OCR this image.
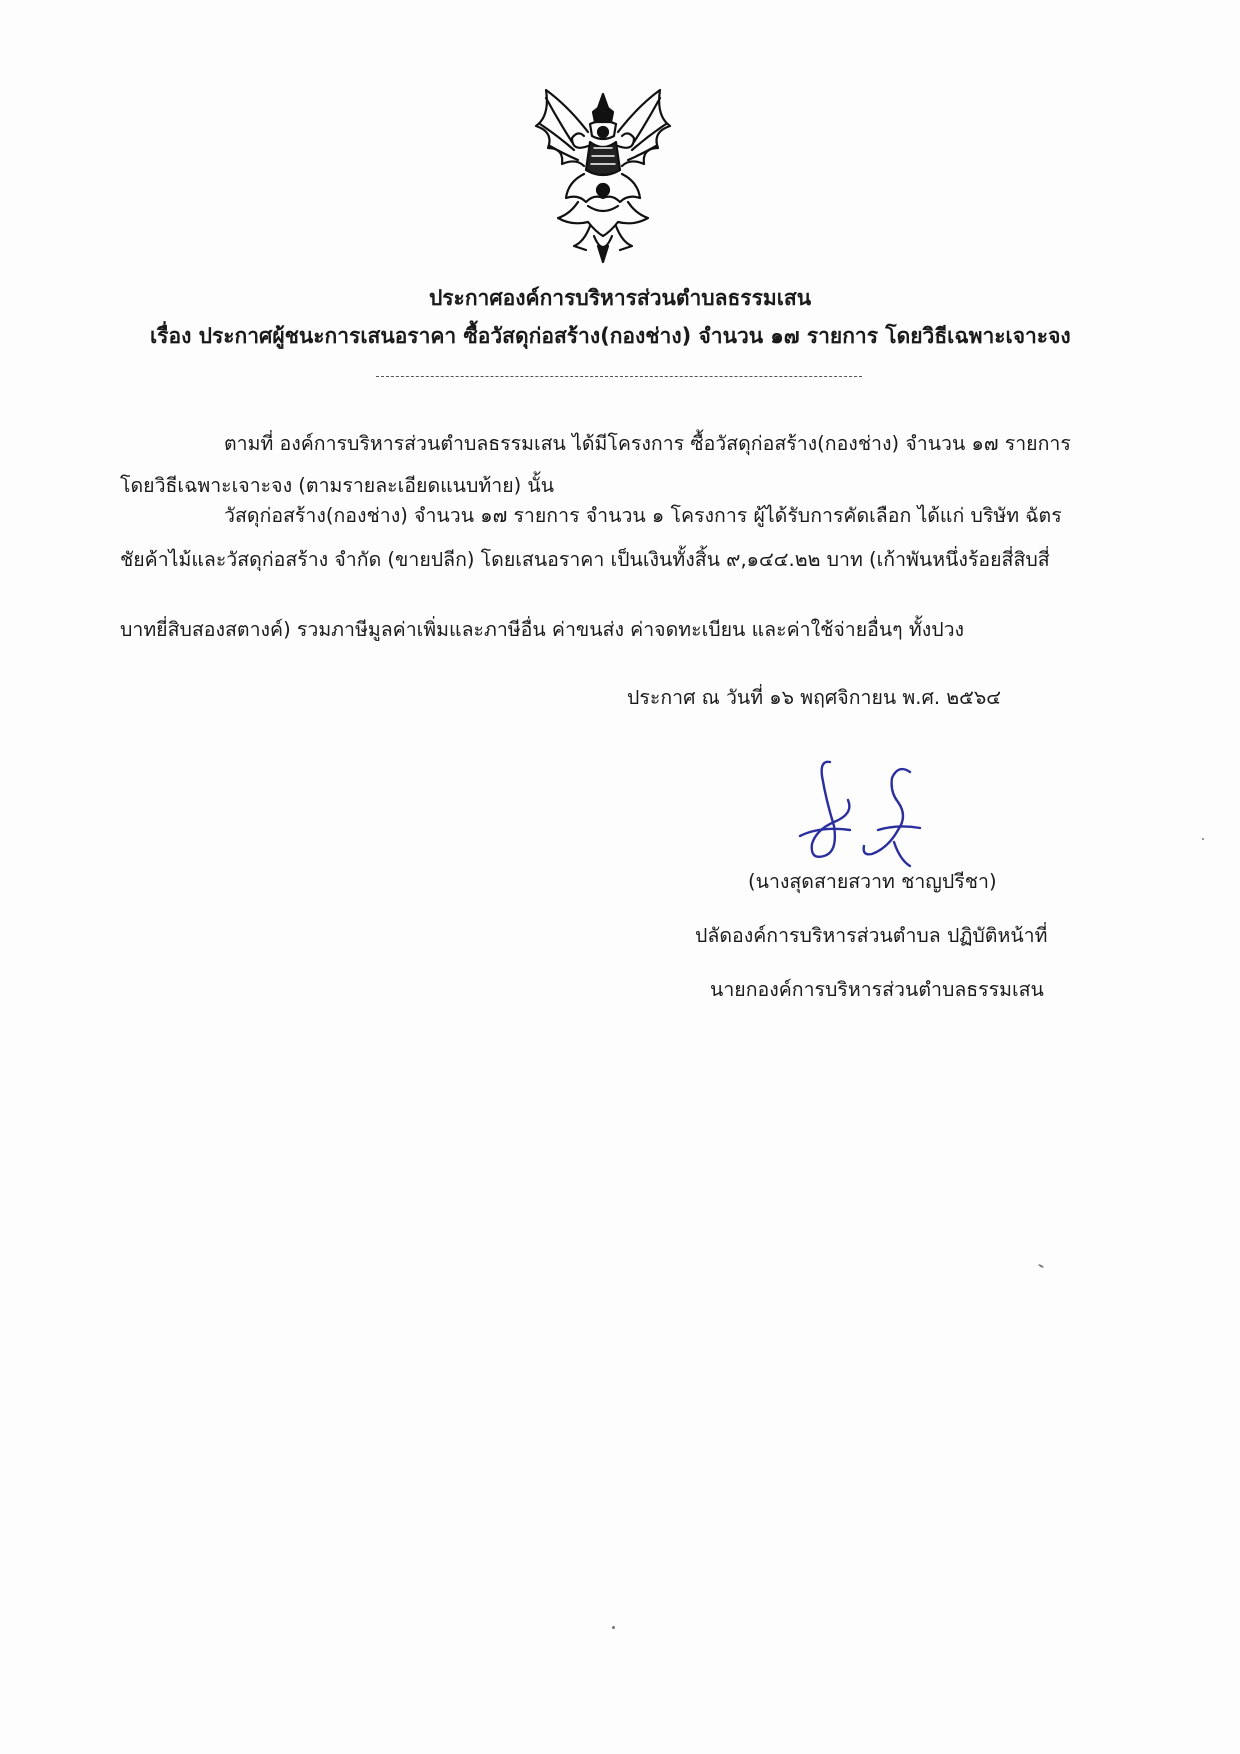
ประกาศองค์การบริหารส่วนตำบลธรรมเสน
เรื่อง ประกาศผู้ชนะการเสนอราคา ซื้อวัสดุก่อสร้าง(กองช่าง) จำนวน ๑๗ รายการ โดยวิธีเฉพาะเจาะจง
ตามที่ องค์การบริหารส่วนตำบลธรรมเสน ได้มีโครงการ ซื้อวัสดุก่อสร้าง(กองช่าง) จำนวน ๑๗ รายการ
โดยวิธีเฉพาะเจาะจง (ตามรายละเอียดแนบท้าย) นั้น
วัสดุก่อสร้าง(กองช่าง) จำนวน ๑๗ รายการ จำนวน ๑ โครงการ ผู้ได้รับการคัดเลือก ได้แก่ บริษัท ฉัตร
ชัยค้าไม้และวัสดุก่อสร้าง จำกัด (ขายปลีก) โดยเสนอราคา เป็นเงินทั้งสิ้น ๙,๑๔๔.๒๒ บาท (เก้าพันหนึ่งร้อยสี่สิบสี่
บาทยี่สิบสองสตางค์) รวมภาษีมูลค่าเพิ่มและภาษีอื่น ค่าขนส่ง ค่าจดทะเบียน และค่าใช้จ่ายอื่นๆ ทั้งปวง
ประกาศ ณ วันที่ ๑๖ พฤศจิกายน พ.ศ. ๒๕๖๔
(นางสุดสายสวาท ชาญปรีชา)
ปลัดองค์การบริหารส่วนตำบล ปฏิบัติหน้าที่
นายกองค์การบริหารส่วนตำบลธรรมเสน
